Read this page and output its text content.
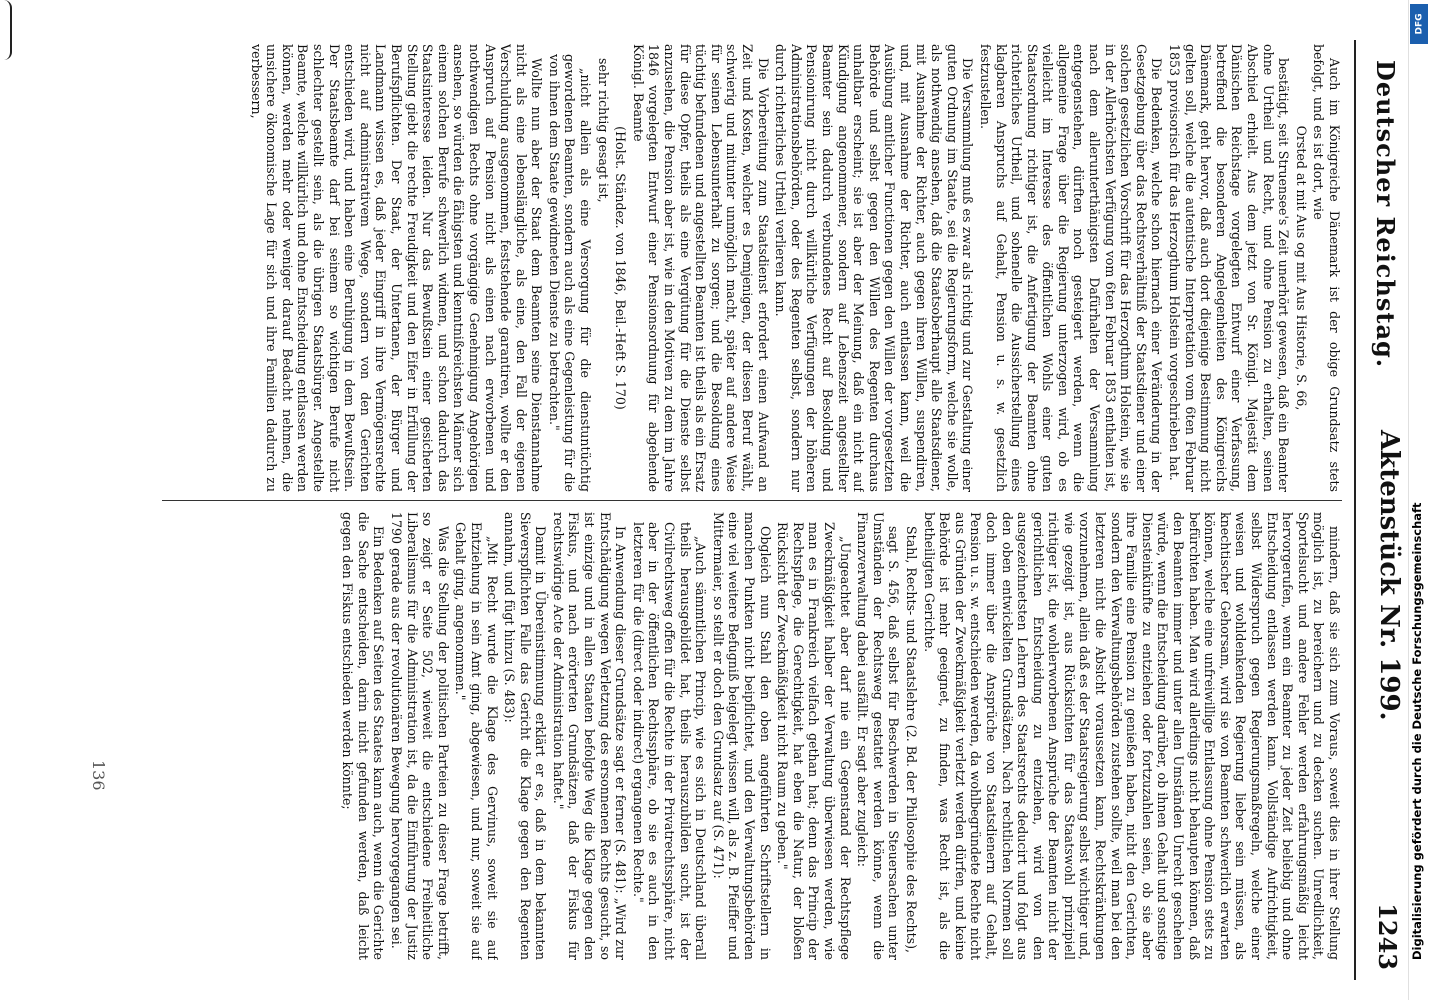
Deutscher Reichstag.
Aktenstück Nr. 199.
1243

Auch im Königreiche Dänemark ist der obige Grundsatz stets befolgt, und es ist dort, wie

Orsted at mit Aus og mit Aus Historie, S. 66,

bestätigt, seit Struensee's Zeit unerhört gewesen, daß ein Beamter ohne Urtheil und Recht, und ohne Pension zu erhalten, seinen Abschied erhielt. Aus dem jetzt von Sr. Königl. Majestät dem Dänischen Reichstage vorgelegten Entwurf einer Verfassung, betreffend die besonderen Angelegenheiten des Königreichs Dänemark, geht hervor, daß auch dort diejenige Bestimmung nicht gelten soll, welche die autentische Interpretation vom 6ten Februar 1853 provisorisch für das Herzogthum Holstein vorgeschrieben hat.

Die Bedenken, welche schon hiernach einer Veränderung in der Gesetzgebung über das Rechtsverhältniß der Staatsdiener und einer solchen gesetzlichen Vorschrift für das Herzogthum Holstein, wie sie in der Allerhöchsten Verfügung vom 6ten Februar 1853 enthalten ist, nach dem allerunterthänigsten Dafürhalten der Versammlung entgegenstehen, dürften noch gesteigert werden, wenn die allgemeine Frage über die Regierung unterzogen wird, ob es vielleicht im Interesse des öffentlichen Wohls einer guten Staatsordnung richtiger ist, die Anfertigung der Beamten ohne richterliches Urtheil, und sohenelle die Aussicherstellung eines klagbaren Anspruchs auf Gehalt, Pension u. s. w. gesetzlich festzustellen.

Die Versammlung muß es zwar als richtig und zur Gestaltung einer guten Ordnung im Staate, sei die Regierungsform, welche sie wolle, als nothwendig ansehen, daß die Staatsoberhaupt alle Staatsdiener, mit Ausnahme der Richter, auch gegen ihren Willen, suspendiren, und, mit Ausnahme der Richter, auch entlassen kann, weil die Ausübung amtlicher Functionen gegen den Willen der vorgesetzten Behörde und selbst gegen den Willen des Regenten durchaus unhaltbar erscheint; sie ist aber der Meinung, daß ein nicht auf Kündigung angenommener, sondern auf Lebenszeit angestellter Beamter sein dadurch verbundenes Recht auf Besoldung und Pensionirung nicht durch willkürliche Verfügungen der höheren Administrationsbehörden, oder des Regenten selbst, sondern nur durch richterliches Urtheil verlieren kann.

Die Vorbereitung zum Staatsdienst erfordert einen Aufwand an Zeit und Kosten, welcher es Demjenigen, der diesen Beruf wählt, schwierig und mitunter unmöglich macht, später auf andere Weise für seinen Lebensunterhalt zu sorgen; und die Besoldung eines tüchtig befundenen und angestellten Beamten ist theils als ein Ersatz für diese Opfer, theils als eine Vergütung für die Dienste selbst anzusehen, die Pension aber ist, wie in den Motiven zu dem im Jahre 1846 vorgelegten Entwurf einer Pensionsordnung für abgehende Königl. Beamte

(Holst. Ständez. von 1846, Beil.-Heft S. 170)

sehr richtig gesagt ist,

„nicht allein als eine Versorgung für die dienstuntüchtig gewordenen Beamten, sondern auch als eine Gegenleistung für die von ihnen dem Staate gewidmeten Dienste zu betrachten."

Wollte nun aber der Staat dem Beamten seine Dienstannahme nicht als eine lebenslängliche, als eine, den Fall der eigenen Verschuldung ausgenommen, feststehende garantiren, wollte er den Anspruch auf Pension nicht als einen nach erworbenen und nothwendigen Rechts ohne vorgängige Genehmigung Angehörigen ansehen, so würden die fähigsten und kenntnißreichsten Männer sich einem solchen Berufe schwerlich widmen, und schon dadurch das Staatsinteresse leiden. Nur das Bewußtsein einer gesicherten Stellung giebt die rechte Freudigkeit und den Eifer in Erfüllung der Berufspflichten. Der Staat, der Untertanen, der Bürger und Landmann wissen es, daß jeder Eingriff in ihre Vermögensrechte nicht auf administrativem Wege, sondern von den Gerichten entschieden wird, und haben eine Beruhigung in dem Bewußtsein. Der Staatsbeamte darf bei seinem so wichtigen Berufe nicht schlechter gestellt sein, als die übrigen Staatsbürger. Angestellte Beamte, welche willkürlich und ohne Entscheidung entlassen werden können, werden mehr oder weniger darauf Bedacht nehmen, die unsichere ökonomische Lage für sich und ihre Familien dadurch zu verbessern,

mindern, daß sie sich zum Voraus, soweit dies in ihrer Stellung möglich ist, zu bereichern und zu decken suchen. Unredlichkeit, Sportelsucht und andere Fehler werden erfahrungsmäßig leicht hervorgerufen, wenn ein Beamter zu jeder Zeit beliebig und ohne Entscheidung entlassen werden kann. Vollständige Aufrichtigkeit, selbst Widerspruch gegen Regierungsmaßregeln, welche einer weisen und wohldenkenden Regierung lieber sein müssen, als knechtischer Gehorsam, wird sie von Beamten schwerlich erwarten können, welche eine unfreiwillige Entlassung ohne Pension stets zu befürchten haben. Man wird allerdings nicht behaupten können, daß den Beamten immer und unter allen Umständen Unrecht geschehen würde, wenn die Entscheidung darüber, ob ihnen Gehalt und sonstige Diensteinkünfte zu entziehen oder fortzuzahlen seien, ob sie aber ihre Familie eine Pension zu genießen haben, nicht den Gerichten, sondern den Verwaltungsbehörden zustehen sollte, weil man bei den letzteren nicht die Absicht voraussetzen kann, Rechtskränkungen vorzunehmen, allein daß es der Staatsregierung selbst wichtiger und, wie gezeigt ist, aus Rücksichten für das Staatswohl prinzipiell richtiger ist, die wohlerworbenen Ansprüche der Beamten nicht der gerichtlichen Entscheidung zu entziehen, wird von den ausgezeichnetsten Lehrern des Staatsrechts deducirt und folgt aus den oben entwickelten Grundsätzen. Nach rechtlichen Normen soll doch immer über die Ansprüche von Staatsdienern auf Gehalt, Pension u. s. w. entschieden werden, da wohlbegründete Rechte nicht aus Gründen der Zweckmäßigkeit verletzt werden dürfen, und keine Behörde ist mehr geeignet, zu finden, was Recht ist, als die betheiligten Gerichte.

Stahl, Rechts- und Staatslehre (2. Bd. der Philosophie des Rechts),

sagt S. 456, daß selbst für Beschwerden in Steuersachen unter Umständen der Rechtsweg gestattet werden könne, wenn die Finanzverwaltung dabei ausfällt. Er sagt aber zugleich:

„Ungeachtet aber darf nie ein Gegenstand der Rechtspflege Zweckmäßigkeit halber der Verwaltung überwiesen werden, wie man es in Frankreich vielfach gethan hat; denn das Princip der Rechtspflege, die Gerechtigkeit, hat eben die Natur, der bloßen Rücksicht der Zweckmäßigkeit nicht Raum zu geben."

Obgleich nun Stahl den oben angeführten Schriftstellern in manchen Punkten nicht beipflichtet, und den Verwaltungsbehörden eine viel weitere Befugniß beigelegt wissen will, als z. B. Pfeiffer und Mittermaier, so stellt er doch den Grundsatz auf (S. 471):

„Auch sämmtlichen Princip, wie es sich in Deutschland überall theils herausgebildet hat, theils herauszubilden sucht, ist der Civilrechtsweg offen für die Rechte in der Privatrechtssphäre, nicht aber in der öffentlichen Rechtssphäre, ob sie es auch in den letzteren für die (direct oder indirect) ergangenen Rechte."

In Anwendung dieser Grundsätze sagt er ferner (S. 481): „Wird zur Entschädigung wegen Verletzung des ersonnenen Rechts gesucht, so ist einzige und in allen Staaten befolgte Weg die Klage gegen den Fiskus, und nach erörterten Grundsätzen, daß der Fiskus für rechtswidrige Acte der Administration haftet."

Damit in Übereinstimmung erklärt er es, daß in dem bekannten Sieverspflichten Falle das Gericht die Klage gegen den Regenten annahm, und fügt hinzu (S. 483):

„Mit Recht wurde die Klage des Gervinus, soweit sie auf Entziehung in sein Amt ging, abgewiesen, und nur, soweit sie auf Gehalt ging, angenommen."

Was die Stellung der politischen Parteien zu dieser Frage betrifft, so zeigt er Seite 502, wieweit die entschiedene Freiheitliche Liberalismus für die Administration ist, da die Einführung der Justiz 1790 gerade aus der revolutionären Bewegung hervorgegangen sei.

Ein Bedenken auf Seiten des Staates kann auch, wenn die Gerichte die Sache entscheiden, darin nicht gefunden werden, daß leicht gegen den Fiskus entschieden werden könnte;

136
DFG
Digitalisierung gefördert durch die Deutsche Forschungsgemeinschaft
